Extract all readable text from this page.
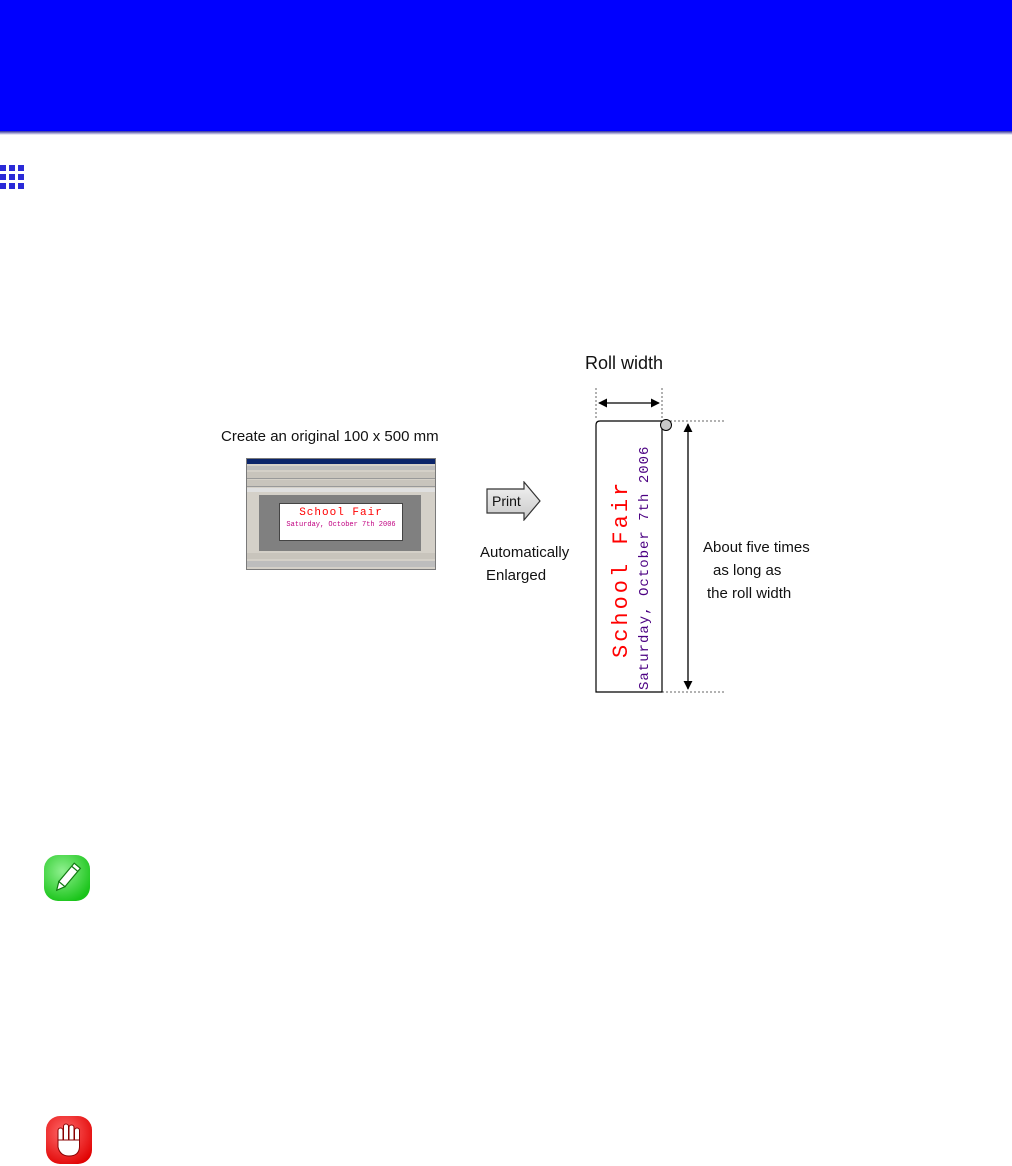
Create an original 100 x 500 mm
School Fair
Saturday, October 7th 2006
Print
Automatically
Enlarged	School Fair Saturday, October 7th 2006
Roll width
About five times
as long as
the roll width
